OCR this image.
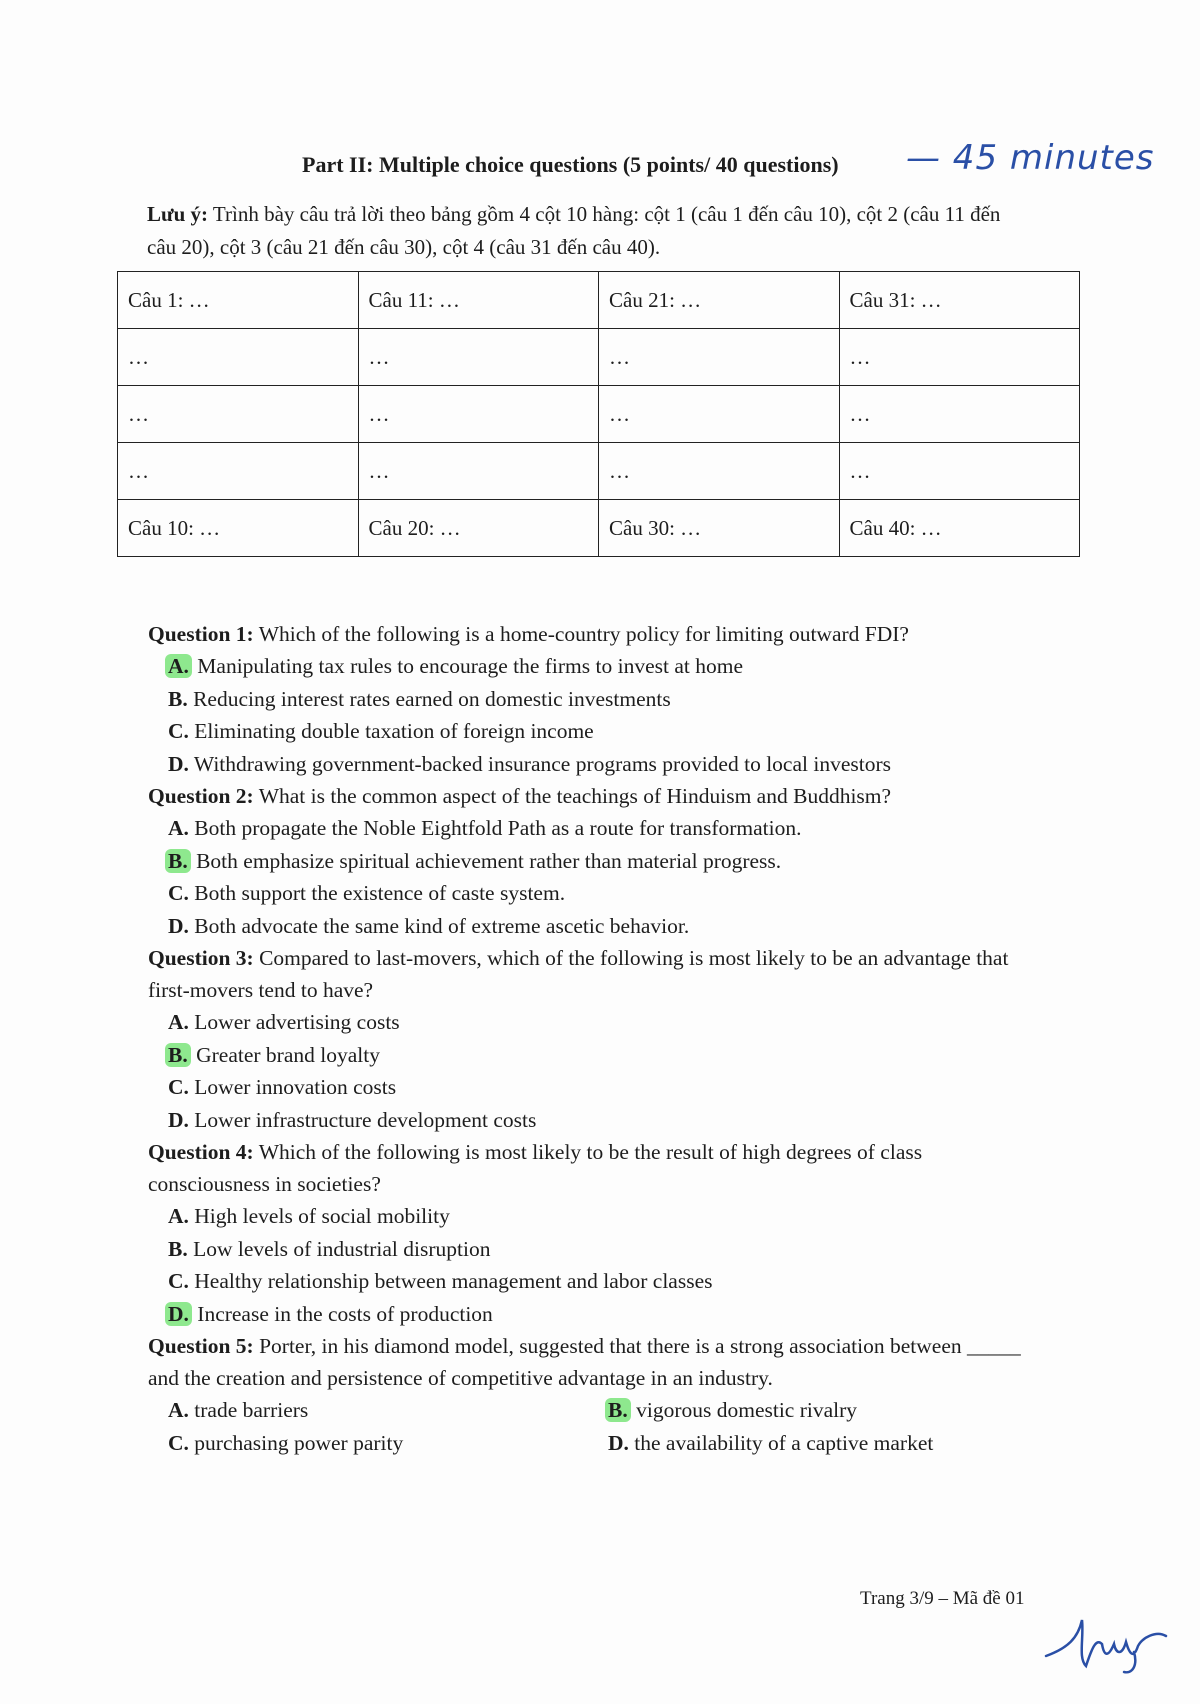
Part II: Multiple choice questions (5 points/ 40 questions) — 45 minutes
Lưu ý: Trình bày câu trả lời theo bảng gồm 4 cột 10 hàng: cột 1 (câu 1 đến câu 10), cột 2 (câu 11 đến câu 20), cột 3 (câu 21 đến câu 30), cột 4 (câu 31 đến câu 40).
Câu 1: …	Câu 11: …	Câu 21: …	Câu 31: …
…	…	…	…
…	…	…	…
…	…	…	…
Câu 10: …	Câu 20: …	Câu 30: …	Câu 40: …

Question 1: Which of the following is a home-country policy for limiting outward FDI?

A. Manipulating tax rules to encourage the firms to invest at home
B. Reducing interest rates earned on domestic investments
C. Eliminating double taxation of foreign income
D. Withdrawing government-backed insurance programs provided to local investors

Question 2: What is the common aspect of the teachings of Hinduism and Buddhism?

A. Both propagate the Noble Eightfold Path as a route for transformation.
B. Both emphasize spiritual achievement rather than material progress.
C. Both support the existence of caste system.
D. Both advocate the same kind of extreme ascetic behavior.

Question 3: Compared to last-movers, which of the following is most likely to be an advantage that first-movers tend to have?

A. Lower advertising costs
B. Greater brand loyalty
C. Lower innovation costs
D. Lower infrastructure development costs

Question 4: Which of the following is most likely to be the result of high degrees of class consciousness in societies?

A. High levels of social mobility
B. Low levels of industrial disruption
C. Healthy relationship between management and labor classes
D. Increase in the costs of production

Question 5: Porter, in his diamond model, suggested that there is a strong association between _____ and the creation and persistence of competitive advantage in an industry.

A. trade barriers	B. vigorous domestic rivalry
C. purchasing power parity	D. the availability of a captive market
Trang 3/9 – Mã đề 01
